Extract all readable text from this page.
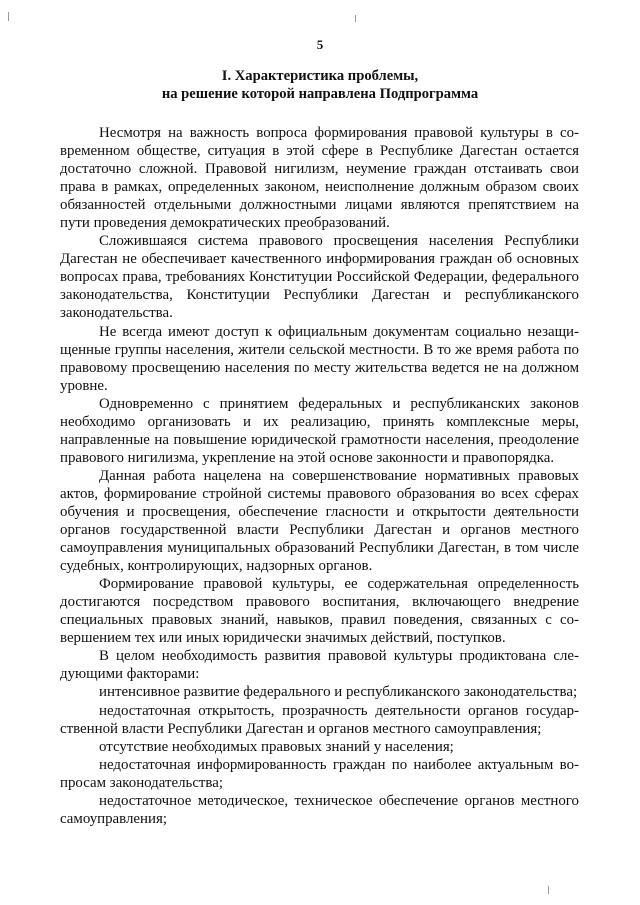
5
I. Характеристика проблемы,
на решение которой направлена Подпрограмма

Несмотря на важность вопроса формирования правовой культуры в современном обществе, ситуация в этой сфере в Республике Дагестан остается достаточно сложной. Правовой нигилизм, неумение граждан отстаивать свои права в рамках, определенных законом, неисполнение должным образом своих обязанностей отдельными должностными лицами являются препятствием на пути проведения демократических преобразований.

Сложившаяся система правового просвещения населения Республики Дагестан не обеспечивает качественного информирования граждан об основных вопросах права, требованиях Конституции Российской Федерации, федерального законодательства, Конституции Республики Дагестан и республиканского законодательства.

Не всегда имеют доступ к официальным документам социально незащищенные группы населения, жители сельской местности. В то же время работа по правовому просвещению населения по месту жительства ведется не на должном уровне.

Одновременно с принятием федеральных и республиканских законов необходимо организовать и их реализацию, принять комплексные меры, направленные на повышение юридической грамотности населения, преодоление правового нигилизма, укрепление на этой основе законности и правопорядка.

Данная работа нацелена на совершенствование нормативных правовых актов, формирование стройной системы правового образования во всех сферах обучения и просвещения, обеспечение гласности и открытости деятельности органов государственной власти Республики Дагестан и органов местного самоуправления муниципальных образований Республики Дагестан, в том числе судебных, контролирующих, надзорных органов.

Формирование правовой культуры, ее содержательная определенность достигаются посредством правового воспитания, включающего внедрение специальных правовых знаний, навыков, правил поведения, связанных с совершением тех или иных юридически значимых действий, поступков.

В целом необходимость развития правовой культуры продиктована следующими факторами:

интенсивное развитие федерального и республиканского законодательства;

недостаточная открытость, прозрачность деятельности органов государственной власти Республики Дагестан и органов местного самоуправления;

отсутствие необходимых правовых знаний у населения;

недостаточная информированность граждан по наиболее актуальным вопросам законодательства;

недостаточное методическое, техническое обеспечение органов местного самоуправления;
